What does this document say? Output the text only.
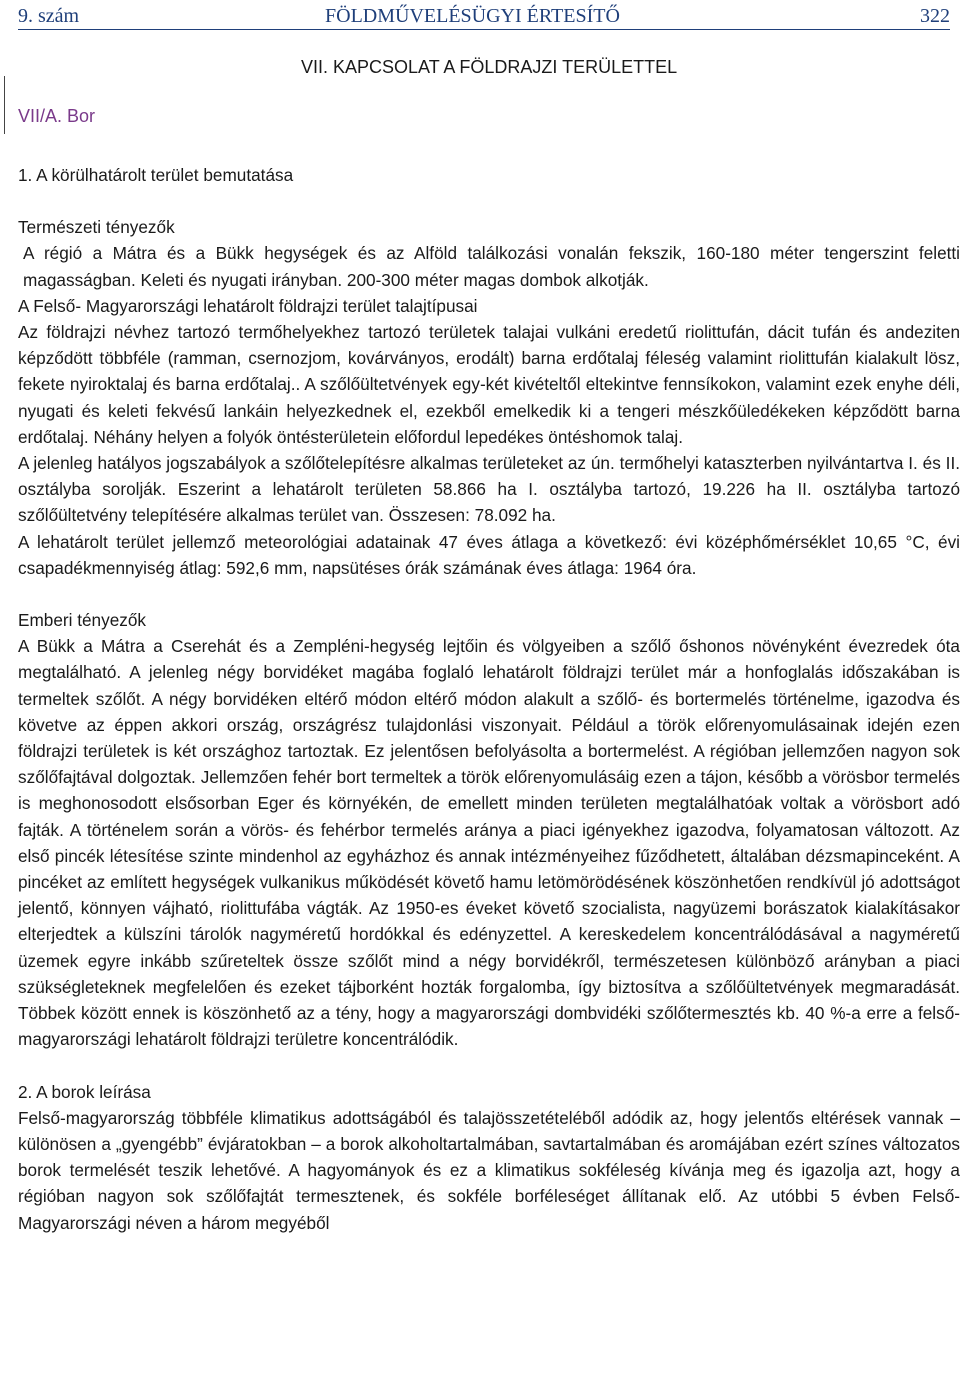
9. szám	FÖLDMŰVELÉSÜGYI ÉRTESÍTŐ	322
VII. KAPCSOLAT A FÖLDRAJZI TERÜLETTEL
VII/A. Bor

1. A körülhatárolt terület bemutatása

Természeti tényezők

A régió a Mátra és a Bükk hegységek és az Alföld találkozási vonalán fekszik, 160-180 méter tengerszint feletti magasságban. Keleti és nyugati irányban. 200-300 méter magas dombok alkotják.

A Felső- Magyarországi lehatárolt földrajzi terület talajtípusai

Az földrajzi névhez tartozó termőhelyekhez tartozó területek talajai vulkáni eredetű riolittufán, dácit tufán és andeziten képződött többféle (ramman, csernozjom, kovárványos, erodált) barna erdőtalaj féleség valamint riolittufán kialakult lösz, fekete nyiroktalaj és barna erdőtalaj.. A szőlőültetvények egy-két kivételtől eltekintve fennsíkokon, valamint ezek enyhe déli, nyugati és keleti fekvésű lankáin helyezkednek el, ezekből emelkedik ki a tengeri mészkőüledékeken képződött barna erdőtalaj. Néhány helyen a folyók öntésterületein előfordul lepedékes öntéshomok talaj.

A jelenleg hatályos jogszabályok a szőlőtelepítésre alkalmas területeket az ún. termőhelyi kataszterben nyilvántartva I. és II. osztályba sorolják. Eszerint a lehatárolt területen 58.866 ha I. osztályba tartozó, 19.226 ha II. osztályba tartozó szőlőültetvény telepítésére alkalmas terület van. Összesen: 78.092 ha.

A lehatárolt terület jellemző meteorológiai adatainak 47 éves átlaga a következő: évi középhőmérséklet 10,65 °C, évi csapadékmennyiség átlag: 592,6 mm, napsütéses órák számának éves átlaga: 1964 óra.

Emberi tényezők

A Bükk a Mátra a Cserehát és a Zempléni-hegység lejtőin és völgyeiben a szőlő őshonos növényként évezredek óta megtalálható. A jelenleg négy borvidéket magába foglaló lehatárolt földrajzi terület már a honfoglalás időszakában is termeltek szőlőt. A négy borvidéken eltérő módon eltérő módon alakult a szőlő- és bortermelés történelme, igazodva és követve az éppen akkori ország, országrész tulajdonlási viszonyait. Például a török előrenyomulásainak idején ezen földrajzi területek is két országhoz tartoztak. Ez jelentősen befolyásolta a bortermelést. A régióban jellemzően nagyon sok szőlőfajtával dolgoztak. Jellemzően fehér bort termeltek a török előrenyomulásáig ezen a tájon, később a vörösbor termelés is meghonosodott elsősorban Eger és környékén, de emellett minden területen megtalálhatóak voltak a vörösbort adó fajták. A történelem során a vörös- és fehérbor termelés aránya a piaci igényekhez igazodva, folyamatosan változott. Az első pincék létesítése szinte mindenhol az egyházhoz és annak intézményeihez fűződhetett, általában dézsmapinceként. A pincéket az említett hegységek vulkanikus működését követő hamu letömörödésének köszönhetően rendkívül jó adottságot jelentő, könnyen vájható, riolittufába vágták. Az 1950-es éveket követő szocialista, nagyüzemi borászatok kialakításakor elterjedtek a külszíni tárolók nagyméretű hordókkal és edényzettel. A kereskedelem koncentrálódásával a nagyméretű üzemek egyre inkább szűreteltek össze szőlőt mind a négy borvidékről, természetesen különböző arányban a piaci szükségleteknek megfelelően és ezeket tájborként hozták forgalomba, így biztosítva a szőlőültetvények megmaradását. Többek között ennek is köszönhető az a tény, hogy a magyarországi dombvidéki szőlőtermesztés kb. 40 %-a erre a felső-magyarországi lehatárolt földrajzi területre koncentrálódik.

2. A borok leírása

Felső-magyarország többféle klimatikus adottságából és talajösszetételéből adódik az, hogy jelentős eltérések vannak – különösen a „gyengébb” évjáratokban – a borok alkoholtartalmában, savtartalmában és aromájában ezért színes változatos borok termelését teszik lehetővé. A hagyományok és ez a klimatikus sokféleség kívánja meg és igazolja azt, hogy a régióban nagyon sok szőlőfajtát termesztenek, és sokféle borféleséget állítanak elő. Az utóbbi 5 évben Felső-Magyarországi néven a három megyéből
